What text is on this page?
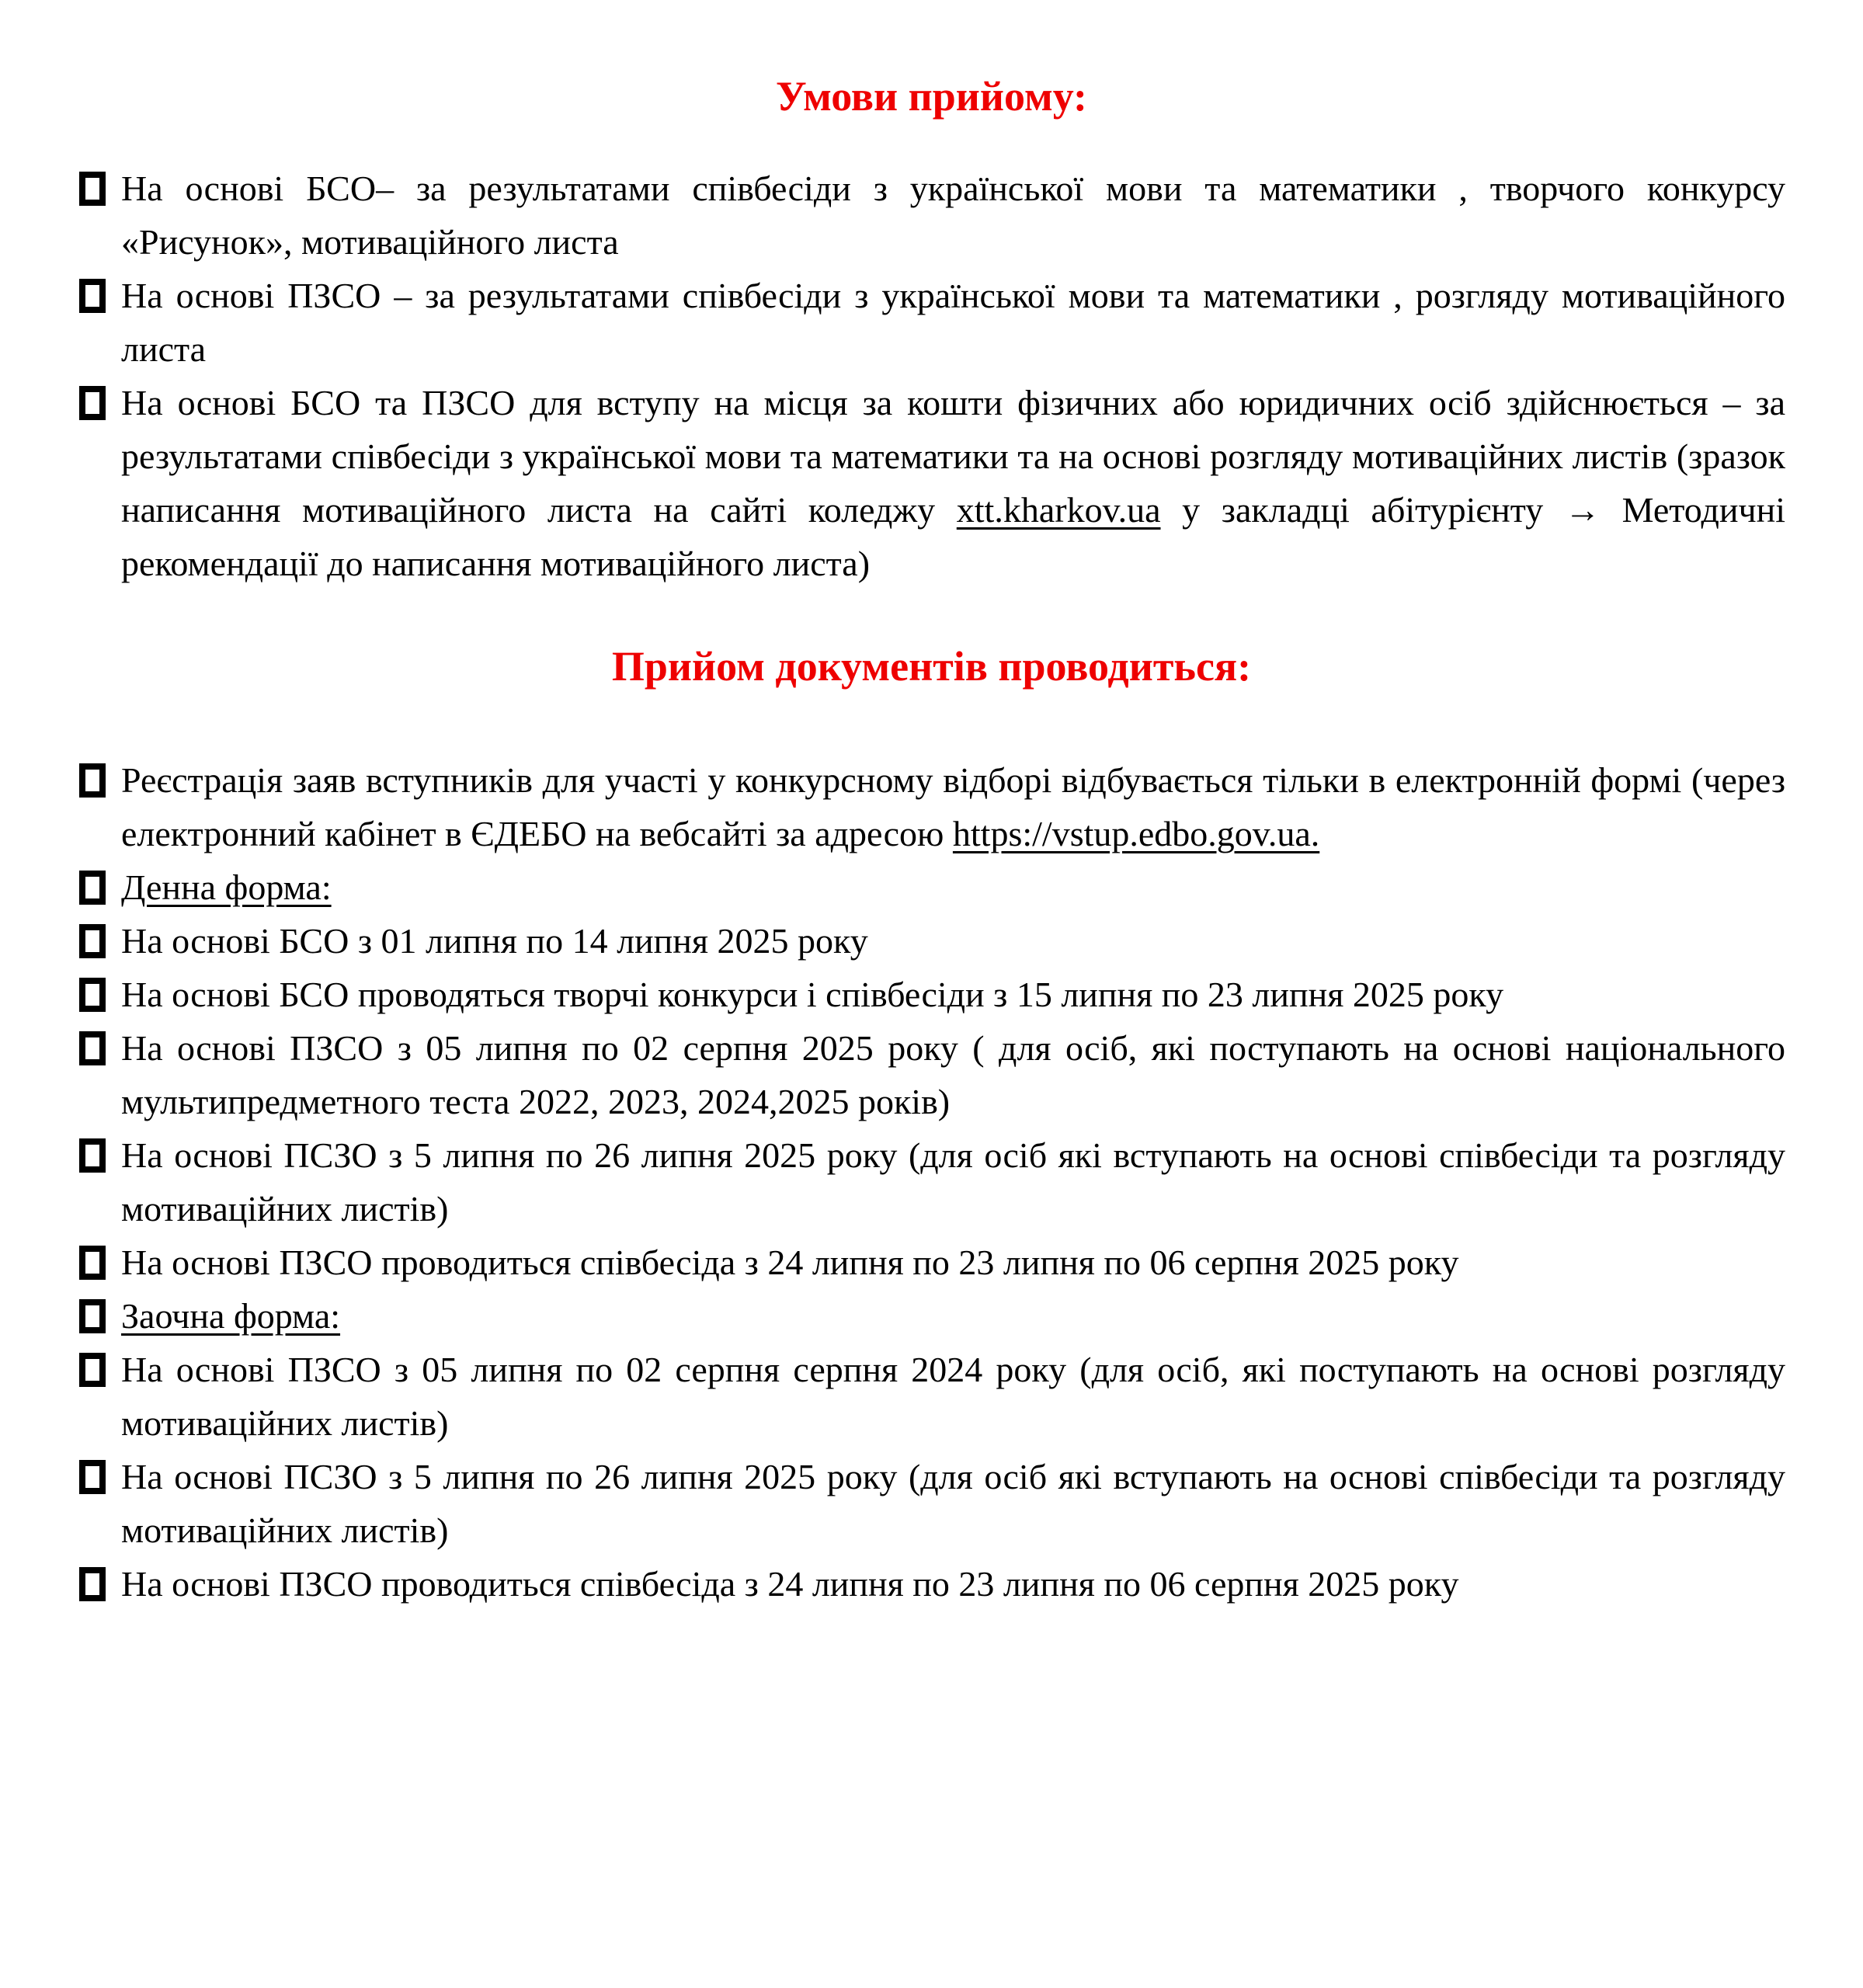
Умови прийому:
На основі БСО– за результатами співбесіди з української мови та математики , творчого конкурсу «Рисунок», мотиваційного листа
На основі ПЗСО – за результатами співбесіди з української мови та математики , розгляду мотиваційного листа
На основі БСО та ПЗСО для вступу на місця за кошти фізичних або юридичних осіб здійснюється – за результатами співбесіди з української мови та математики та на основі розгляду мотиваційних листів (зразок написання мотиваційного листа на сайті коледжу xtt.kharkov.ua у закладці абітурієнту → Методичні рекомендації до написання мотиваційного листа)
Прийом документів проводиться:
Реєстрація заяв вступників для участі у конкурсному відборі відбувається тільки в електронній формі (через електронний кабінет в ЄДЕБО на вебсайті за адресою https://vstup.edbo.gov.ua.
Денна форма:
На основі БСО з 01 липня по 14 липня 2025 року
На основі БСО проводяться творчі конкурси і співбесіди з 15 липня по 23 липня 2025 року
На основі ПЗСО з 05 липня по 02 серпня 2025 року ( для осіб, які поступають на основі національного мультипредметного теста 2022, 2023, 2024,2025 років)
На основі ПСЗО з 5 липня по 26 липня 2025 року (для осіб які вступають на основі співбесіди та розгляду мотиваційних листів)
На основі ПЗСО проводиться співбесіда з 24 липня по 23 липня по 06 серпня 2025 року
Заочна форма:
На основі ПЗСО з 05 липня по 02 серпня серпня 2024 року (для осіб, які поступають на основі розгляду мотиваційних листів)
На основі ПСЗО з 5 липня по 26 липня 2025 року (для осіб які вступають на основі співбесіди та розгляду мотиваційних листів)
На основі ПЗСО проводиться співбесіда з 24 липня по 23 липня по 06 серпня 2025 року
